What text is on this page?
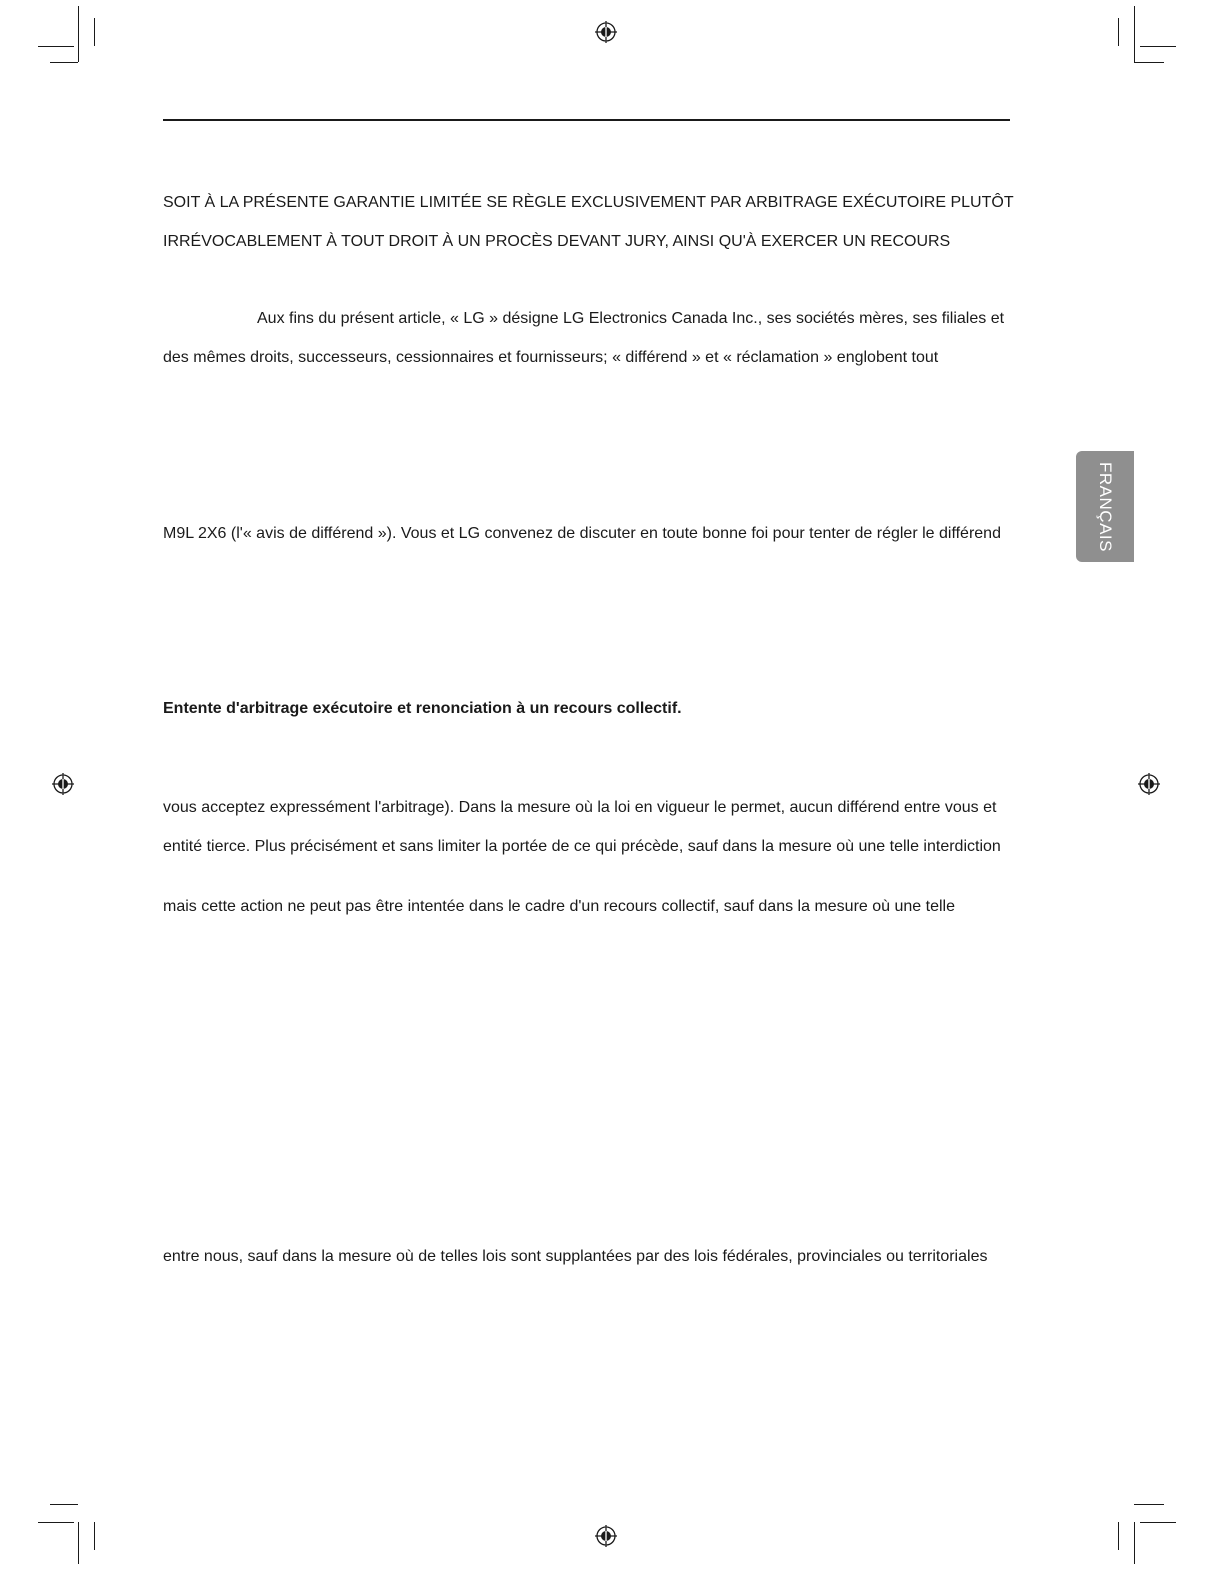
SOIT À LA PRÉSENTE GARANTIE LIMITÉE SE RÈGLE EXCLUSIVEMENT PAR ARBITRAGE EXÉCUTOIRE PLUTÔT
IRRÉVOCABLEMENT À TOUT DROIT À UN PROCÈS DEVANT JURY, AINSI QU'À EXERCER UN RECOURS
Aux fins du présent article, « LG » désigne LG Electronics Canada Inc., ses sociétés mères, ses filiales et
des mêmes droits, successeurs, cessionnaires et fournisseurs; « différend » et « réclamation » englobent tout
M9L 2X6 (l'« avis de différend »). Vous et LG convenez de discuter en toute bonne foi pour tenter de régler le différend
Entente d'arbitrage exécutoire et renonciation à un recours collectif.
vous acceptez expressément l'arbitrage). Dans la mesure où la loi en vigueur le permet, aucun différend entre vous et
entité tierce. Plus précisément et sans limiter la portée de ce qui précède, sauf dans la mesure où une telle interdiction
mais cette action ne peut pas être intentée dans le cadre d'un recours collectif, sauf dans la mesure où une telle
entre nous, sauf dans la mesure où de telles lois sont supplantées par des lois fédérales, provinciales ou territoriales
FRANÇAIS
